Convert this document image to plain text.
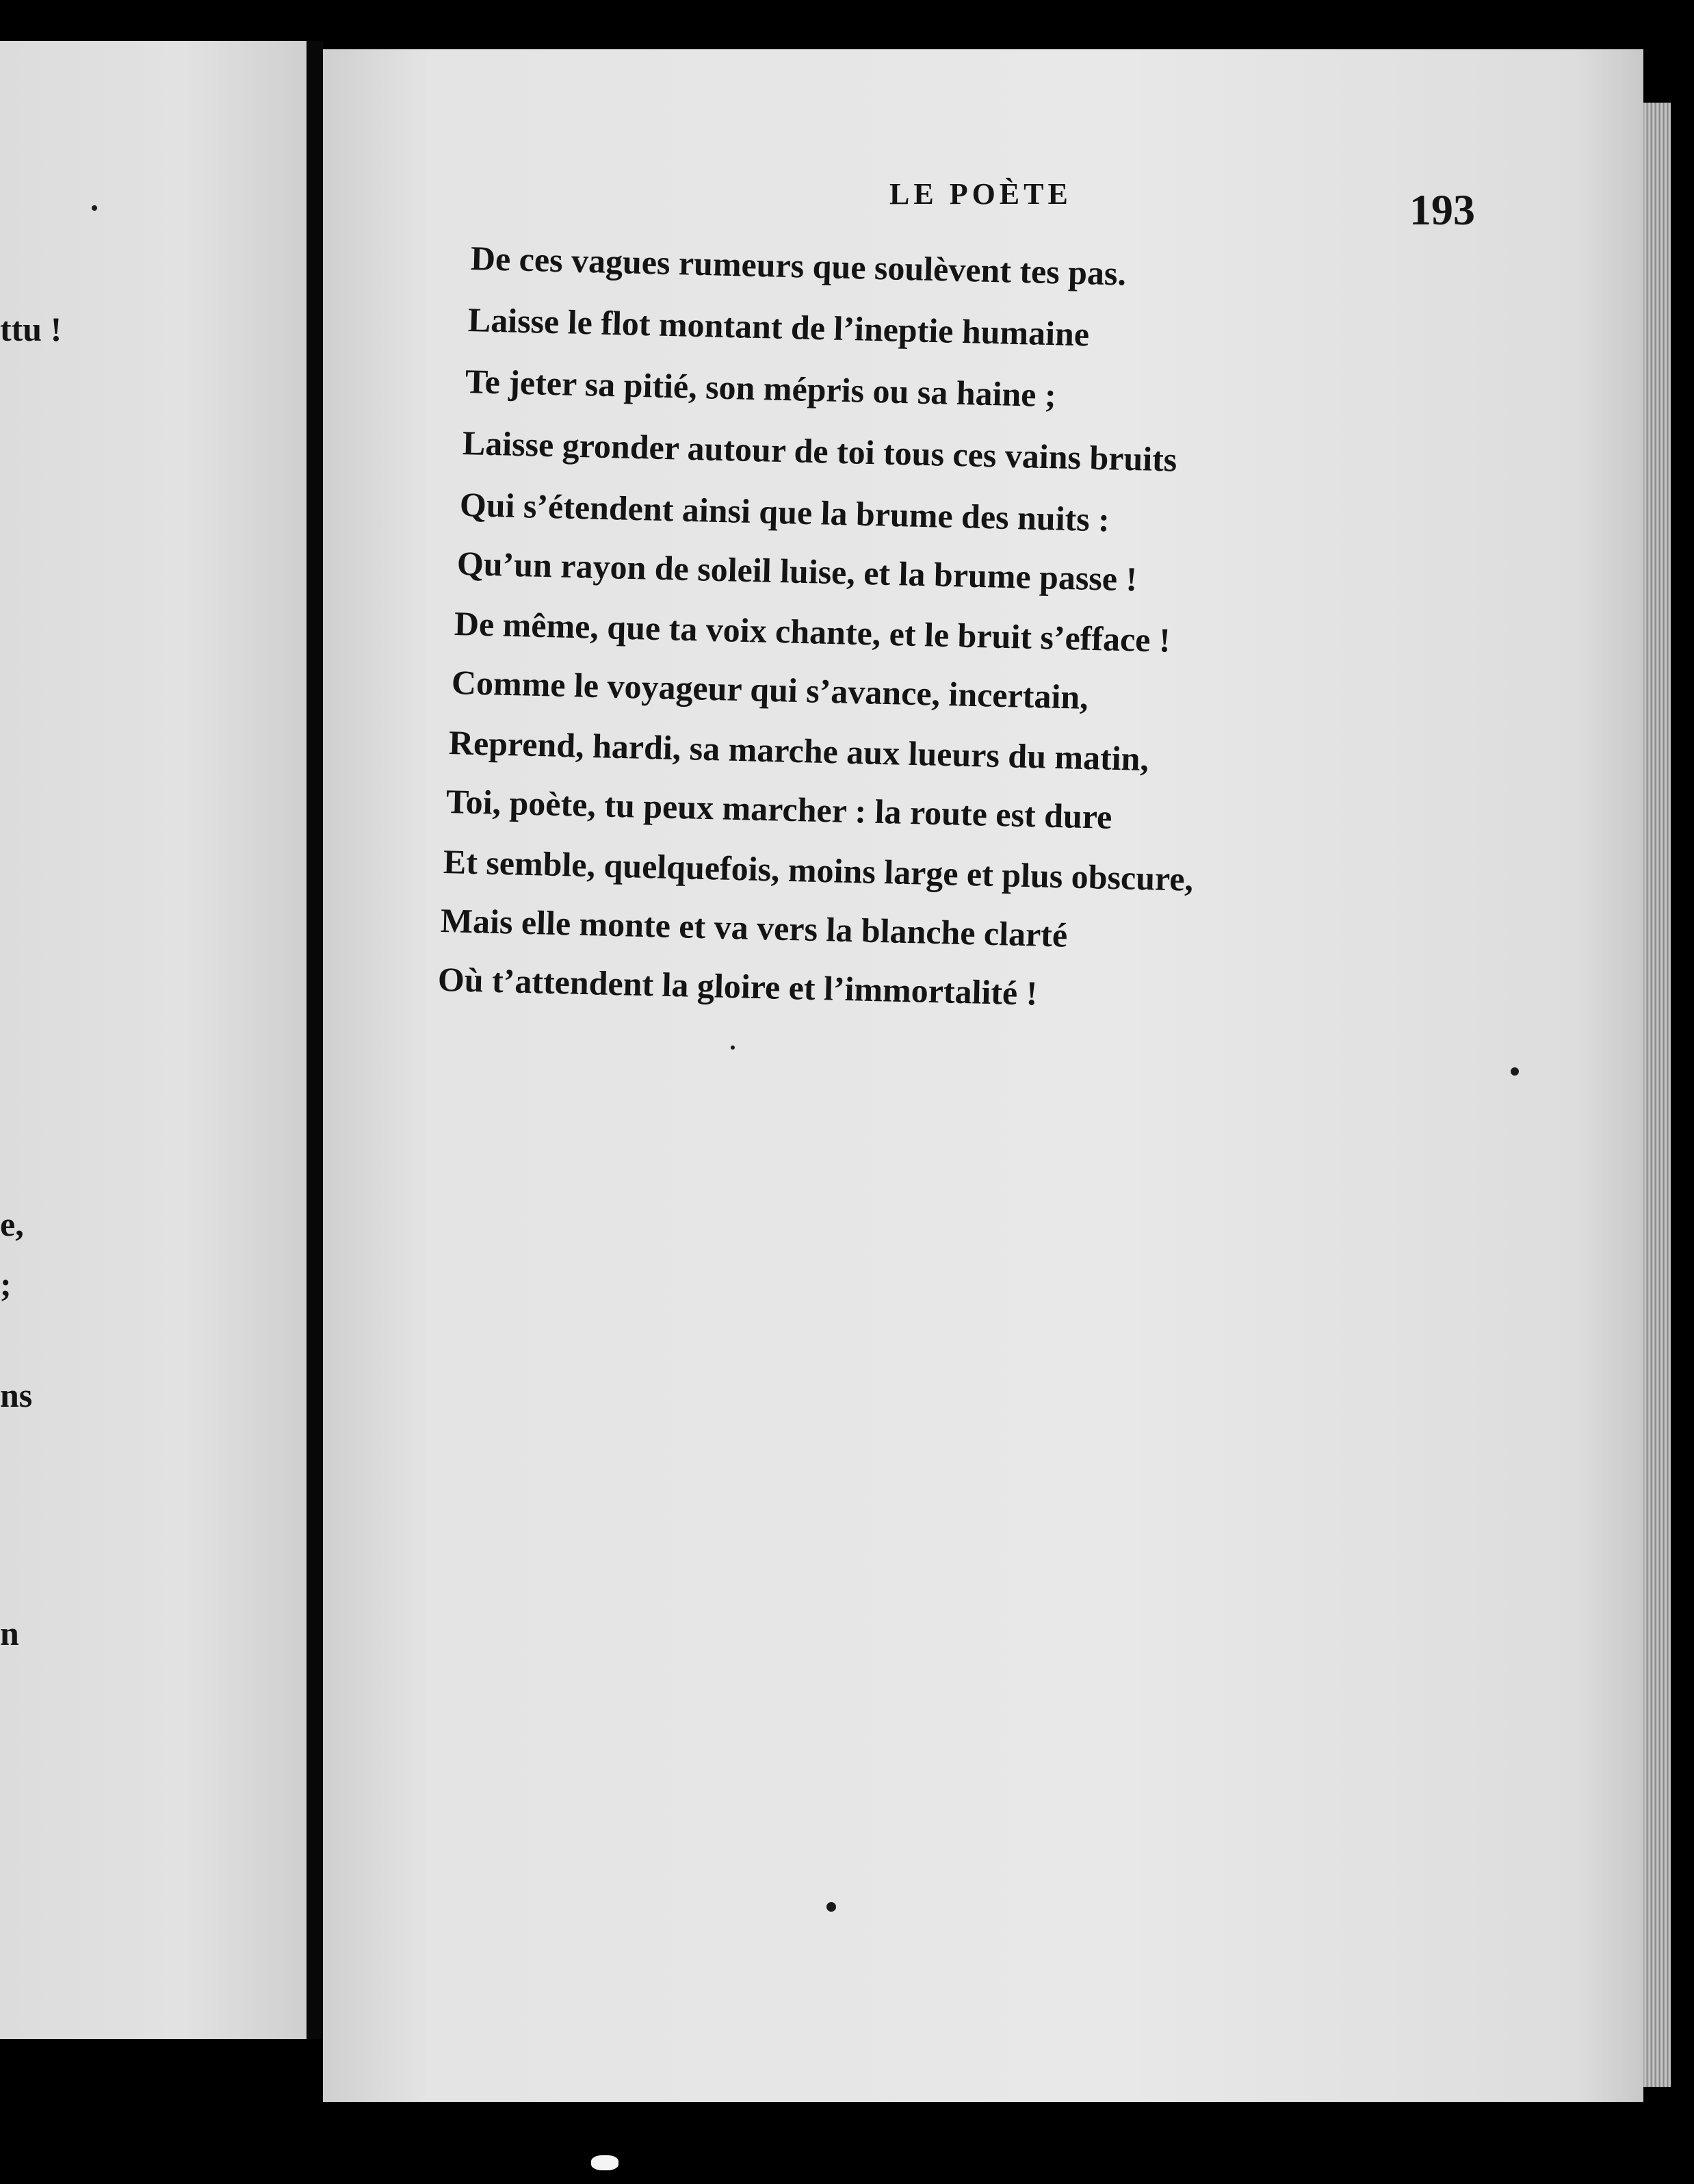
ttu !
e,
;
ns
n
LE POÈTE	193
De ces vagues rumeurs que soulèvent tes pas.
Laisse le flot montant de l’ineptie humaine
Te jeter sa pitié, son mépris ou sa haine ;
Laisse gronder autour de toi tous ces vains bruits
Qui s’étendent ainsi que la brume des nuits :
Qu’un rayon de soleil luise, et la brume passe !
De même, que ta voix chante, et le bruit s’efface !
Comme le voyageur qui s’avance, incertain,
Reprend, hardi, sa marche aux lueurs du matin,
Toi, poète, tu peux marcher : la route est dure
Et semble, quelquefois, moins large et plus obscure,
Mais elle monte et va vers la blanche clarté
Où t’attendent la gloire et l’immortalité !
